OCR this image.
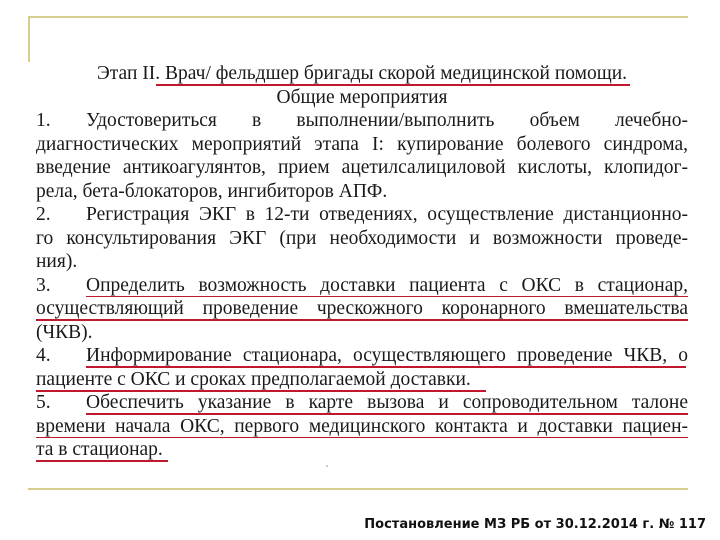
Этап II. Врач/ фельдшер бригады скорой медицинской помощи.
Общие мероприятия
1. Удостовериться в выполнении/выполнить объем лечебно-
диагностических мероприятий этапа I: купирование болевого синдрома,
введение антикоагулянтов, прием ацетилсалициловой кислоты, клопидог-
рела, бета-блокаторов, ингибиторов АПФ.
2. Регистрация ЭКГ в 12-ти отведениях, осуществление дистанционно-
го консультирования ЭКГ (при необходимости и возможности проведе-
ния).
3. Определить возможность доставки пациента с ОКС в стационар,
осуществляющий проведение чрескожного коронарного вмешательства
(ЧКВ).
4. Информирование стационара, осуществляющего проведение ЧКВ, о
пациенте с ОКС и сроках предполагаемой доставки.
5. Обеспечить указание в карте вызова и сопроводительном талоне
времени начала ОКС, первого медицинского контакта и доставки пациен-
та в стационар.
Постановление МЗ РБ от 30.12.2014 г. № 117
